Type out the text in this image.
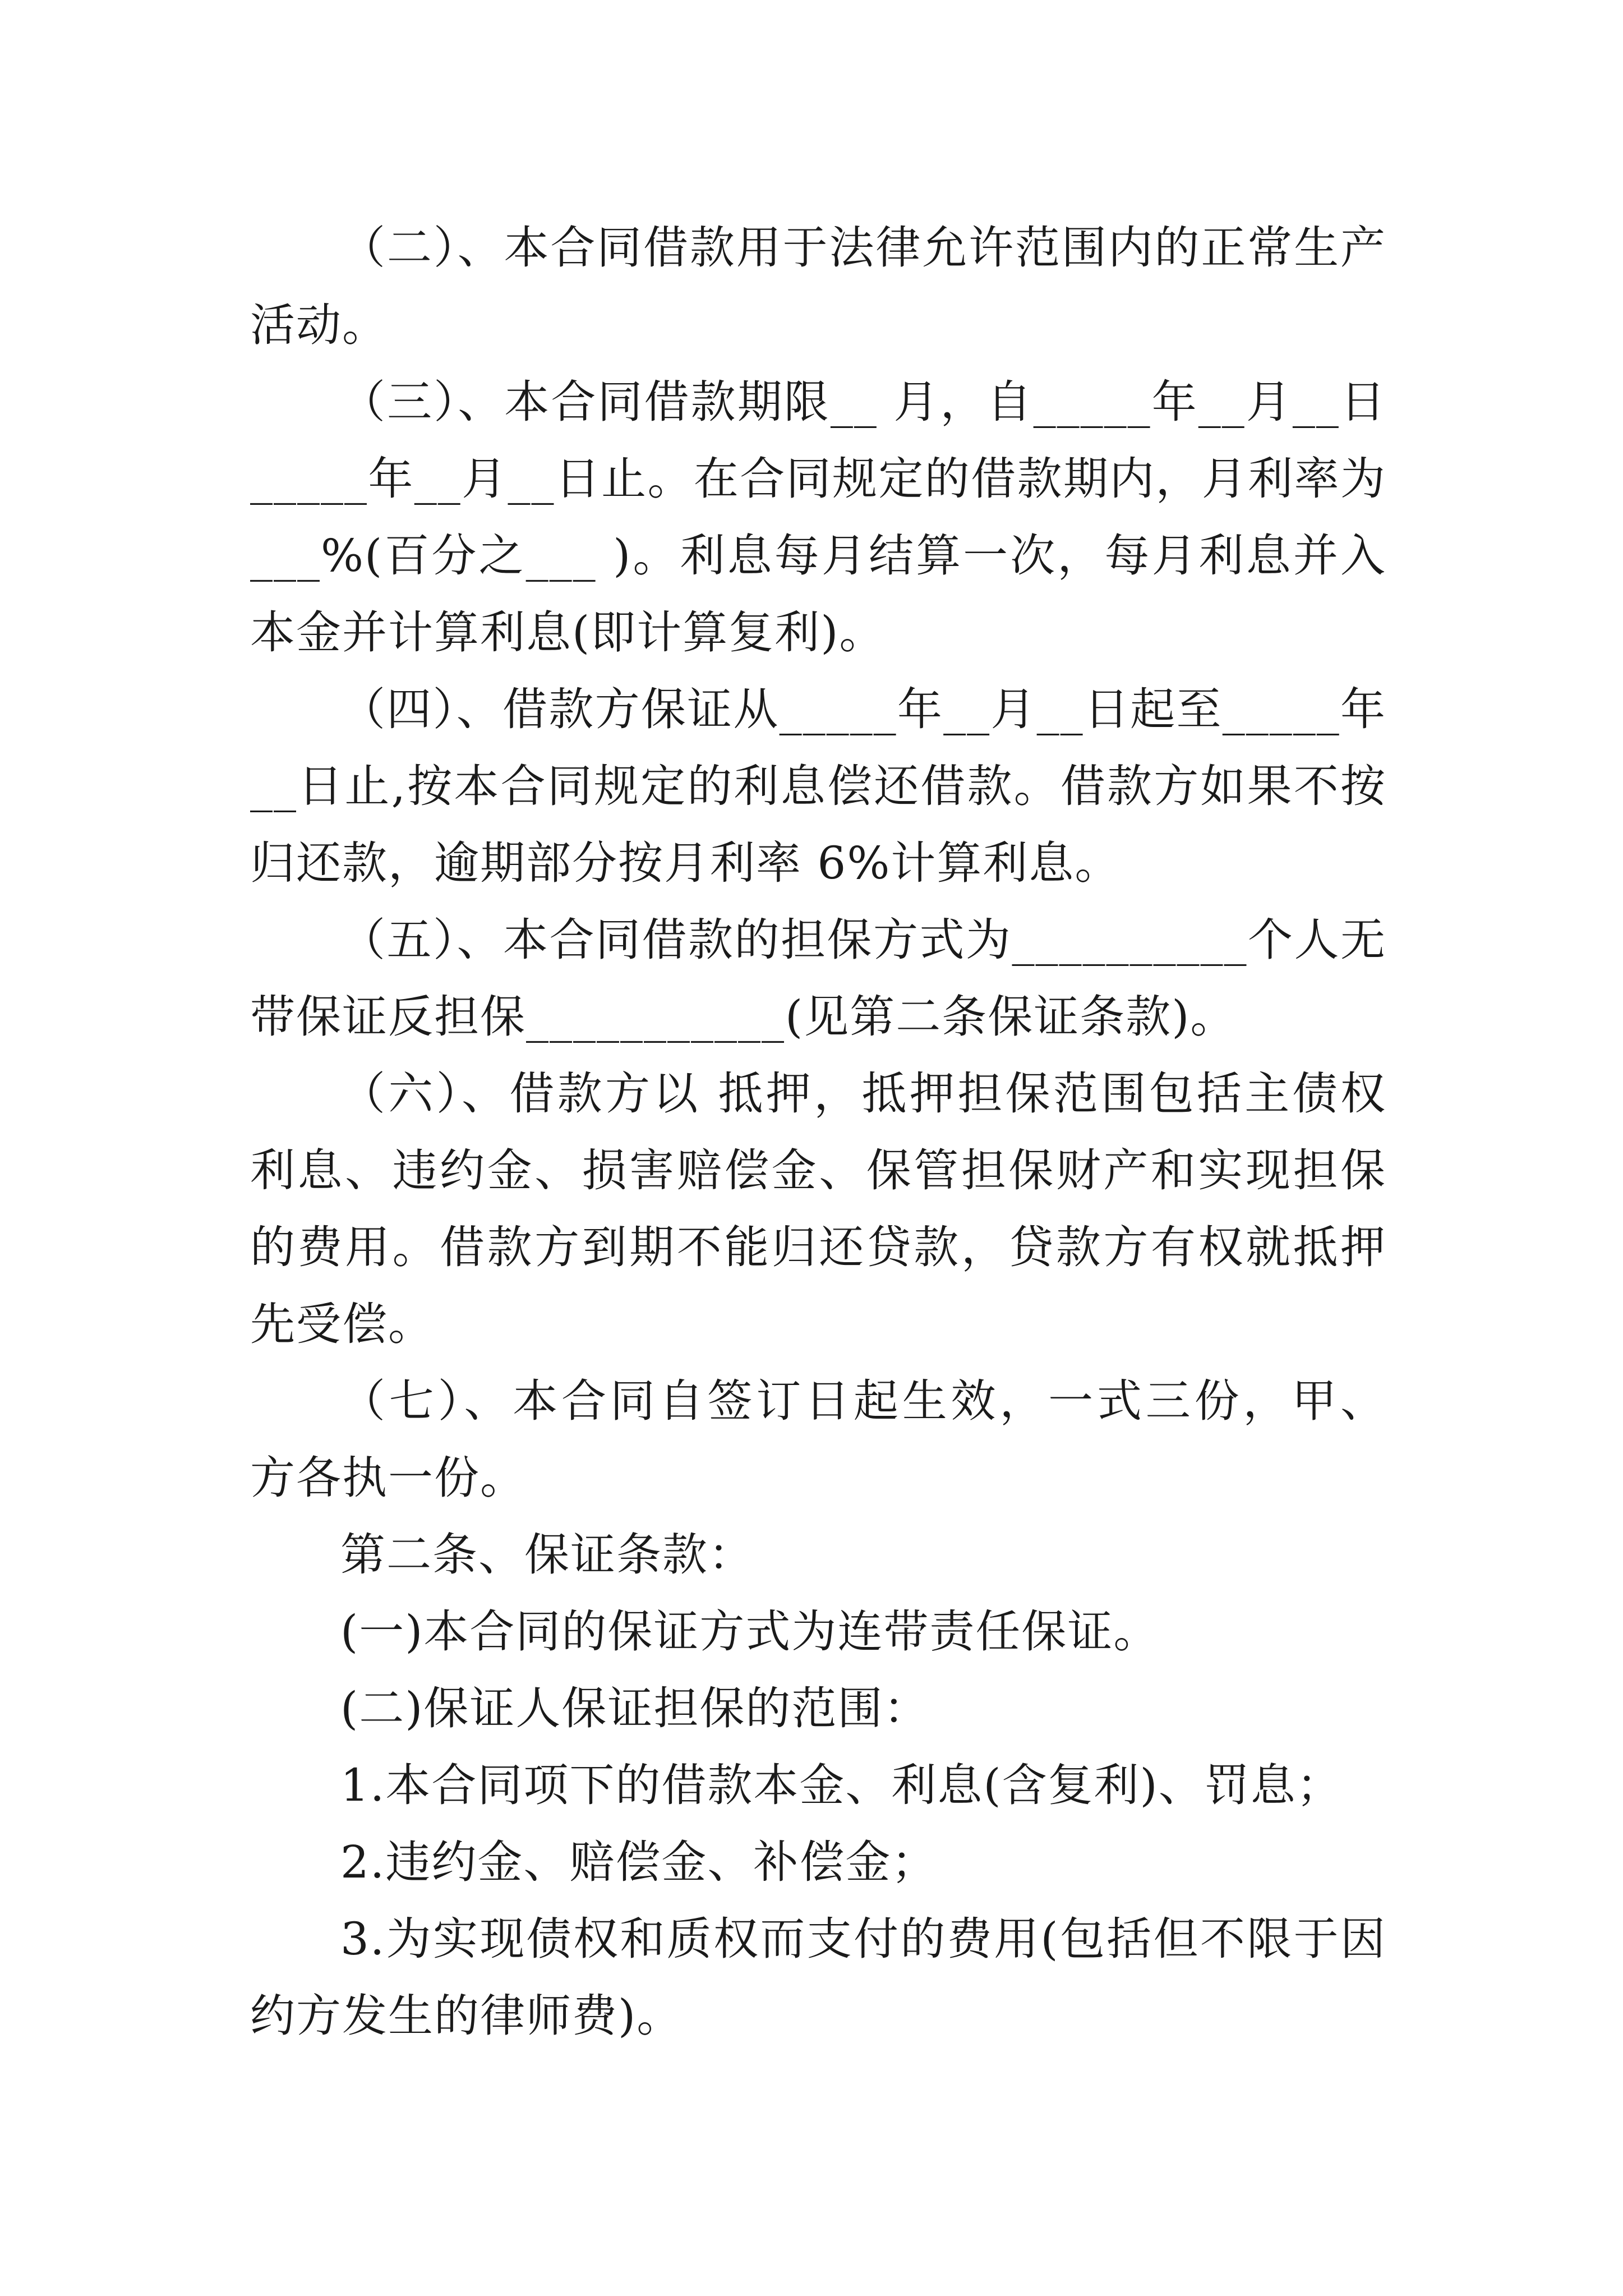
（二）、本合同借款用于法律允许范围内的正常生产
活动。
（三）、本合同借款期限__ 月，自_____年__月__日
_____年__月__日止。在合同规定的借款期内，月利率为
___%(百分之___ )。利息每月结算一次，每月利息并入
本金并计算利息(即计算复利)。
（四）、借款方保证从_____年__月__日起至_____年
__日止,按本合同规定的利息偿还借款。借款方如果不按
归还款，逾期部分按月利率 6%计算利息。
（五）、本合同借款的担保方式为__________个人无
带保证反担保___________(见第二条保证条款)。
（六）、借款方以 抵押，抵押担保范围包括主债权
利息、违约金、损害赔偿金、保管担保财产和实现担保
的费用。借款方到期不能归还贷款，贷款方有权就抵押
先受偿。
（七）、本合同自签订日起生效，一式三份，甲、
方各执一份。
第二条、保证条款：
(一)本合同的保证方式为连带责任保证。
(二)保证人保证担保的范围：
1.本合同项下的借款本金、利息(含复利)、罚息；
2.违约金、赔偿金、补偿金；
3.为实现债权和质权而支付的费用(包括但不限于因
约方发生的律师费)。
